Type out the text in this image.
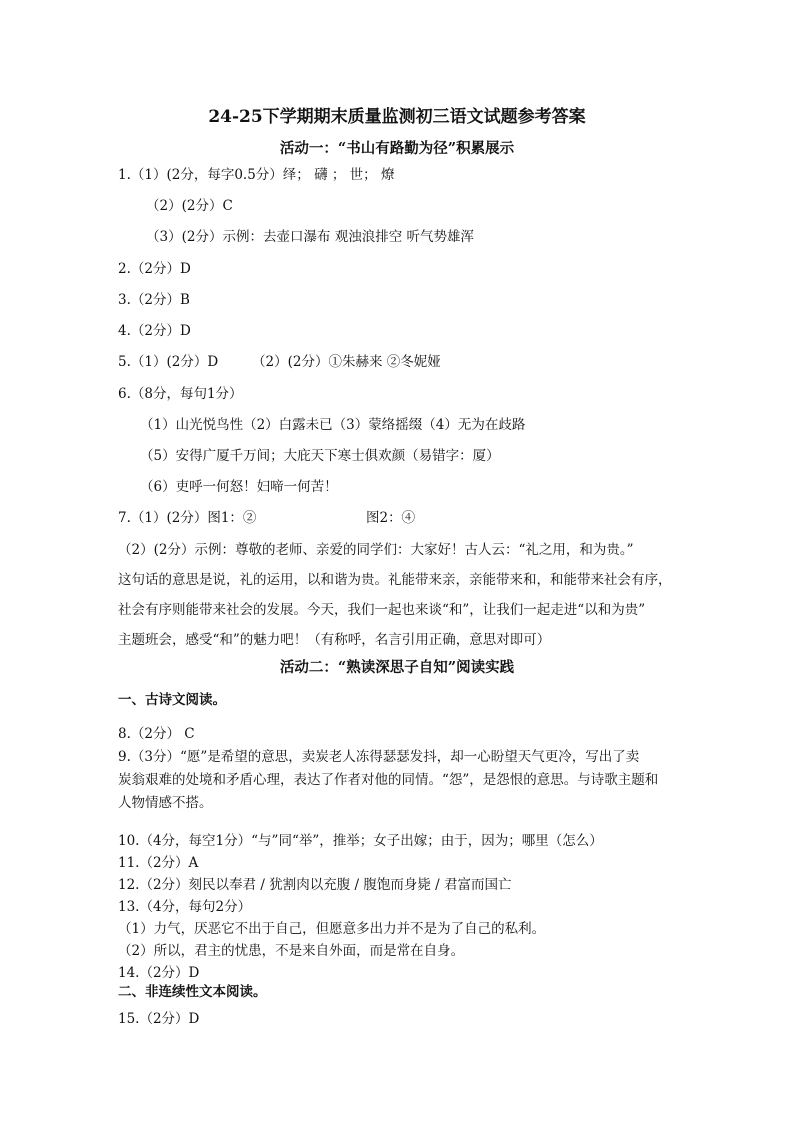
24-25下学期期末质量监测初三语文试题参考答案
活动一：“书山有路勤为径”积累展示
1.（1）(2分，每字0.5分）绎； 礴 ； 世； 燎
（2）(2分）C
（3）(2分）示例：去壶口瀑布 观浊浪排空 听气势雄浑
2.（2分）D
3.（2分）B
4.（2分）D
5.（1）(2分）D	（2）(2分）①朱赫来 ②冬妮娅
6.（8分，每句1分）
（1）山光悦鸟性（2）白露未已（3）蒙络摇缀（4）无为在歧路
（5）安得广厦千万间；大庇天下寒士俱欢颜（易错字：厦）
（6）吏呼一何怒！妇啼一何苦！
7.（1）(2分）图1：②	图2：④
（2）(2分）示例：尊敬的老师、亲爱的同学们：大家好！古人云：“礼之用，和为贵。”
这句话的意思是说，礼的运用，以和谐为贵。礼能带来亲，亲能带来和，和能带来社会有序，
社会有序则能带来社会的发展。今天，我们一起也来谈“和”，让我们一起走进“以和为贵”
主题班会，感受“和”的魅力吧！（有称呼，名言引用正确，意思对即可）
活动二：“熟读深思子自知”阅读实践
一、古诗文阅读。
8.（2分） C
9.（3分）“愿”是希望的意思，卖炭老人冻得瑟瑟发抖，却一心盼望天气更冷，写出了卖
炭翁艰难的处境和矛盾心理，表达了作者对他的同情。“怨”，是怨恨的意思。与诗歌主题和
人物情感不搭。
10.（4分，每空1分）“与”同“举”，推举；女子出嫁；由于，因为；哪里（怎么）
11.（2分）A
12.（2分）刻民以奉君 / 犹割肉以充腹 / 腹饱而身毙 / 君富而国亡
13.（4分，每句2分）
（1）力气，厌恶它不出于自己，但愿意多出力并不是为了自己的私利。
（2）所以，君主的忧患，不是来自外面，而是常在自身。
14.（2分）D
二、非连续性文本阅读。
15.（2分）D
